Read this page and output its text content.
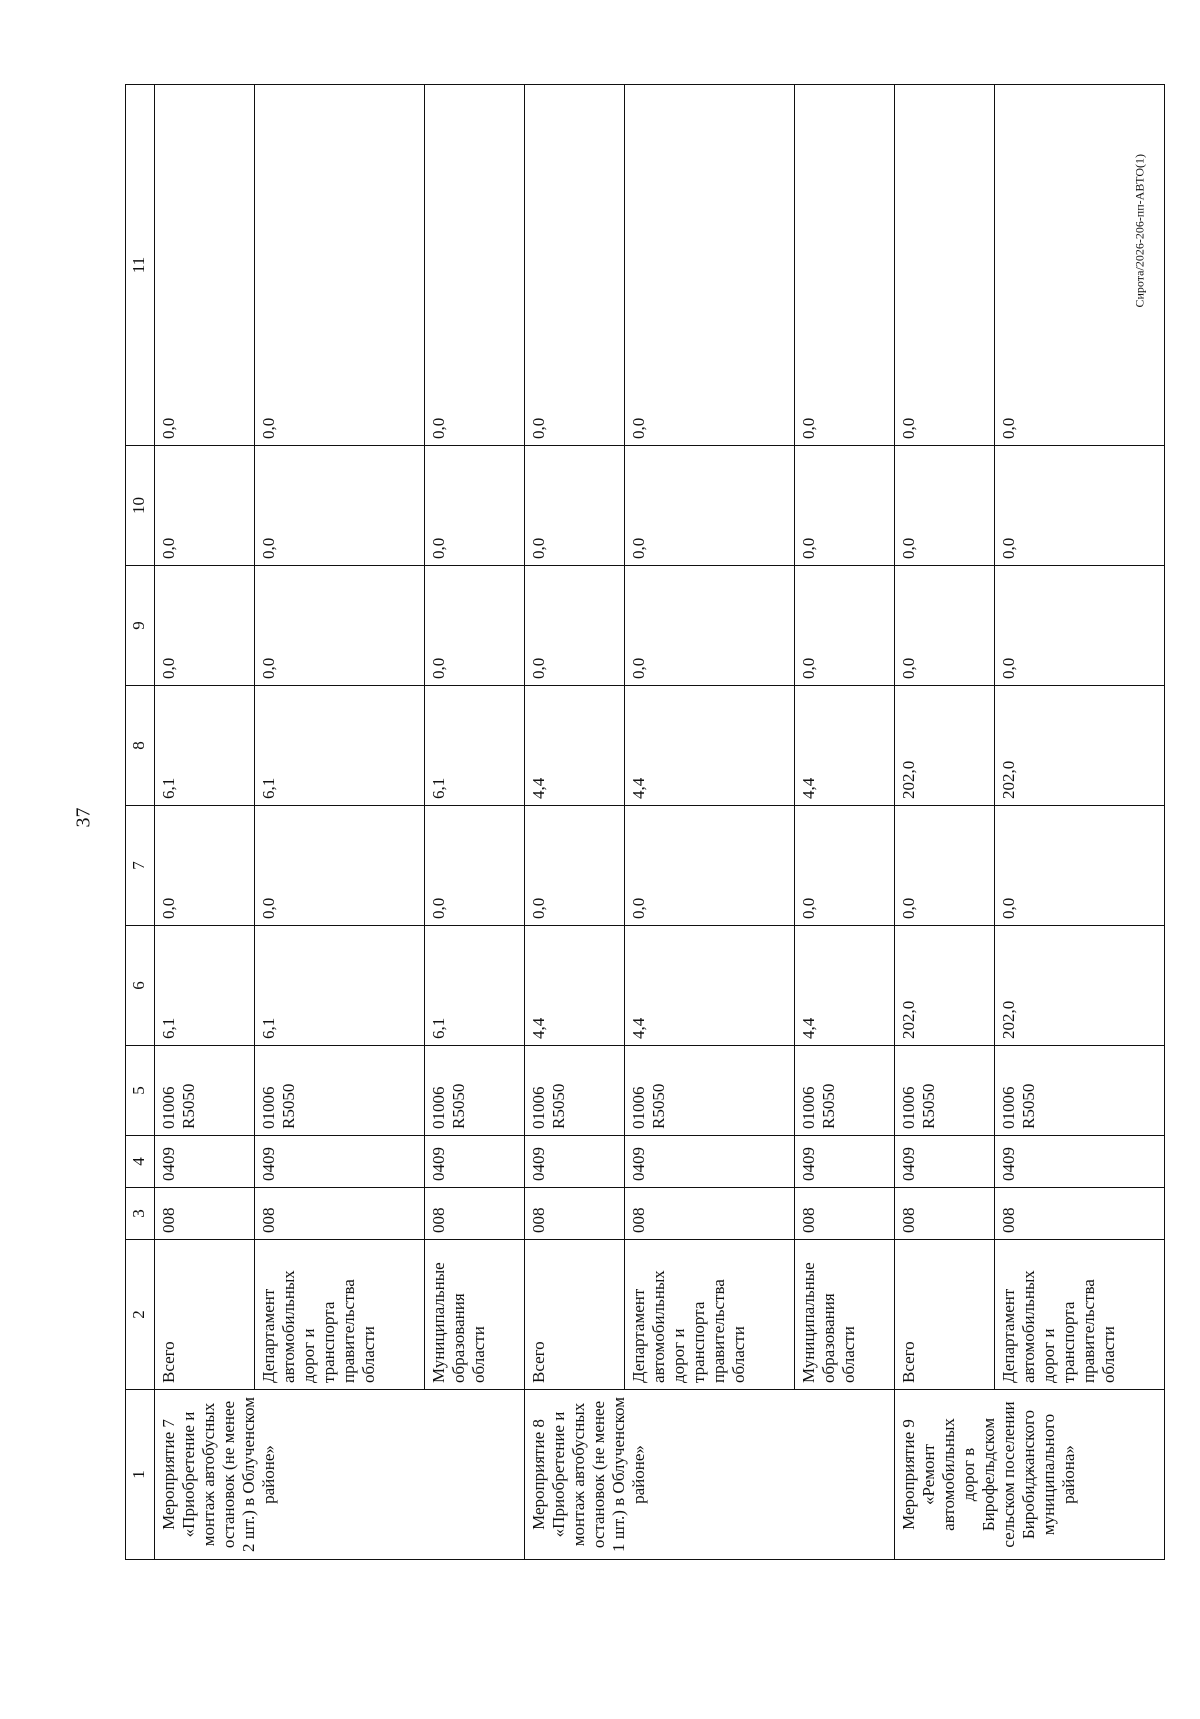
37
Сирота/2026-206-пп-АВТО(1)
1	2	3	4	5	6	7	8	9	10	11
Мероприятие 7 «Приобретение и монтаж автобусных остановок (не менее 2 шт.) в Облученском районе»	Всего	008	0409	01006 R5050	6,1	0,0	6,1	0,0	0,0	0,0
	Департамент автомобильных дорог и транспорта правительства области	008	0409	01006 R5050	6,1	0,0	6,1	0,0	0,0	0,0
	Муниципальные образования области	008	0409	01006 R5050	6,1	0,0	6,1	0,0	0,0	0,0
Мероприятие 8 «Приобретение и монтаж автобусных остановок (не менее 1 шт.) в Облученском районе»	Всего	008	0409	01006 R5050	4,4	0,0	4,4	0,0	0,0	0,0
	Департамент автомобильных дорог и транспорта правительства области	008	0409	01006 R5050	4,4	0,0	4,4	0,0	0,0	0,0
	Муниципальные образования области	008	0409	01006 R5050	4,4	0,0	4,4	0,0	0,0	0,0
Мероприятие 9 «Ремонт автомобильных дорог в Бирофельдском сельском поселении Биробиджанского муниципального района»	Всего	008	0409	01006 R5050	202,0	0,0	202,0	0,0	0,0	0,0
	Департамент автомобильных дорог и транспорта правительства области	008	0409	01006 R5050	202,0	0,0	202,0	0,0	0,0	0,0
